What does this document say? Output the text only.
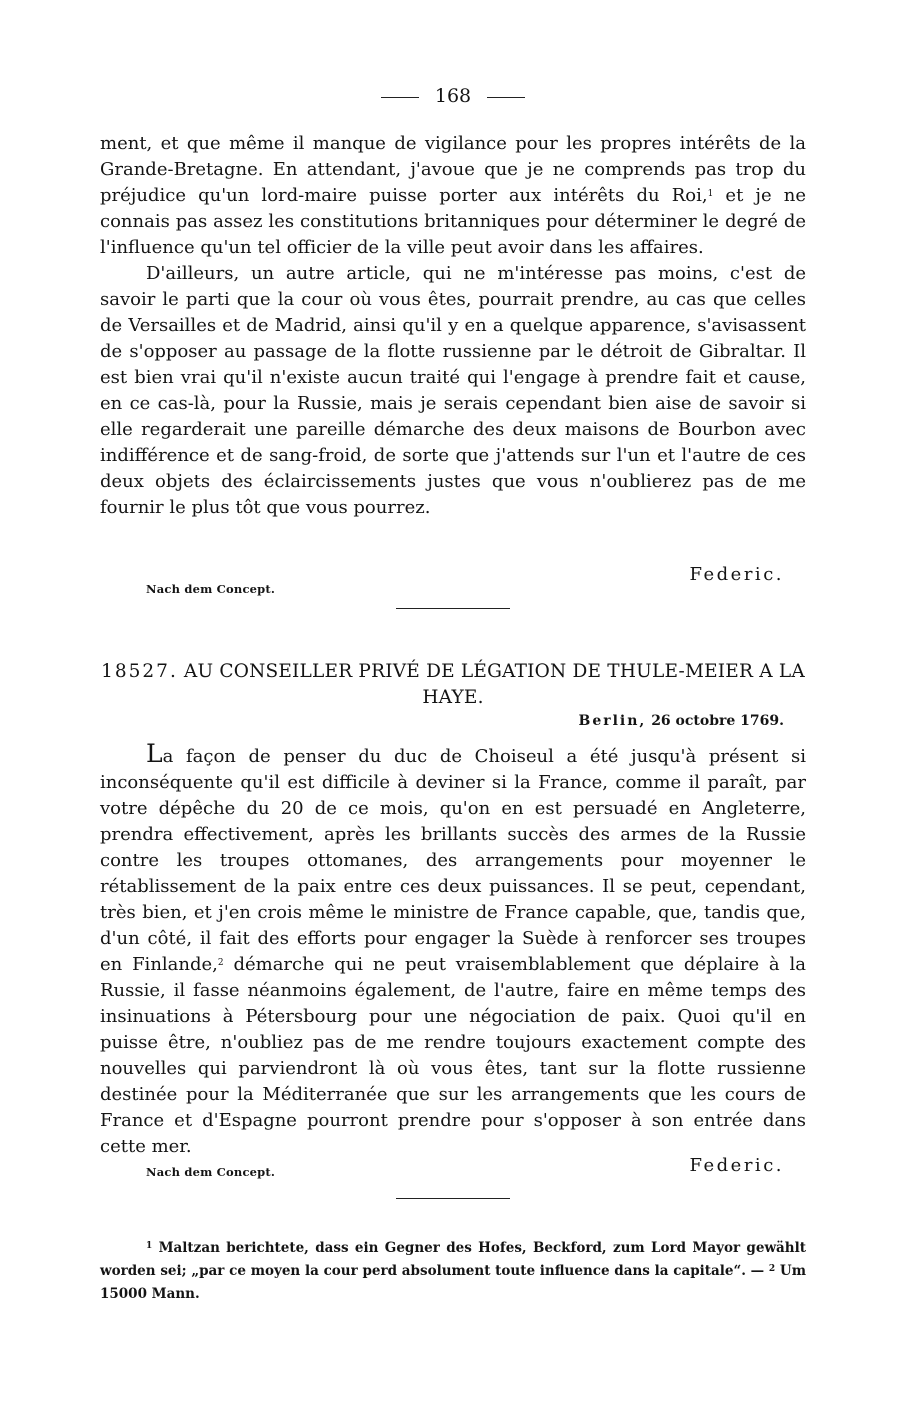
168

ment, et que même il manque de vigilance pour les propres intérêts de la Grande-Bretagne. En attendant, j'avoue que je ne comprends pas trop du préjudice qu'un lord-maire puisse porter aux intérêts du Roi,$^1$ et je ne connais pas assez les constitutions britanniques pour déterminer le degré de l'influence qu'un tel officier de la ville peut avoir dans les affaires.

D'ailleurs, un autre article, qui ne m'intéresse pas moins, c'est de savoir le parti que la cour où vous êtes, pourrait prendre, au cas que celles de Versailles et de Madrid, ainsi qu'il y en a quelque apparence, s'avisassent de s'opposer au passage de la flotte russienne par le détroit de Gibraltar. Il est bien vrai qu'il n'existe aucun traité qui l'engage à prendre fait et cause, en ce cas-là, pour la Russie, mais je serais cependant bien aise de savoir si elle regarderait une pareille démarche des deux maisons de Bourbon avec indifférence et de sang-froid, de sorte que j'attends sur l'un et l'autre de ces deux objets des éclaircissements justes que vous n'oublierez pas de me fournir le plus tôt que vous pourrez.

Nach dem Concept.
Federic.
18527. AU CONSEILLER PRIVÉ DE LÉGATION DE THULE-MEIER A LA HAYE.
Berlin, 26 octobre 1769.

La façon de penser du duc de Choiseul a été jusqu'à présent si inconséquente qu'il est difficile à deviner si la France, comme il paraît, par votre dépêche du 20 de ce mois, qu'on en est persuadé en Angleterre, prendra effectivement, après les brillants succès des armes de la Russie contre les troupes ottomanes, des arrangements pour moyenner le rétablissement de la paix entre ces deux puissances. Il se peut, cependant, très bien, et j'en crois même le ministre de France capable, que, tandis que, d'un côté, il fait des efforts pour engager la Suède à renforcer ses troupes en Finlande,$^2$ démarche qui ne peut vraisemblablement que déplaire à la Russie, il fasse néanmoins également, de l'autre, faire en même temps des insinuations à Pétersbourg pour une négociation de paix. Quoi qu'il en puisse être, n'oubliez pas de me rendre toujours exactement compte des nouvelles qui parviendront là où vous êtes, tant sur la flotte russienne destinée pour la Méditerranée que sur les arrangements que les cours de France et d'Espagne pourront prendre pour s'opposer à son entrée dans cette mer.

Nach dem Concept.	Federic.

$^1$ Maltzan berichtete, dass ein Gegner des Hofes, Beckford, zum Lord Mayor gewählt worden sei; „par ce moyen la cour perd absolument toute influence dans la capitale“. — $^2$ Um 15000 Mann.
